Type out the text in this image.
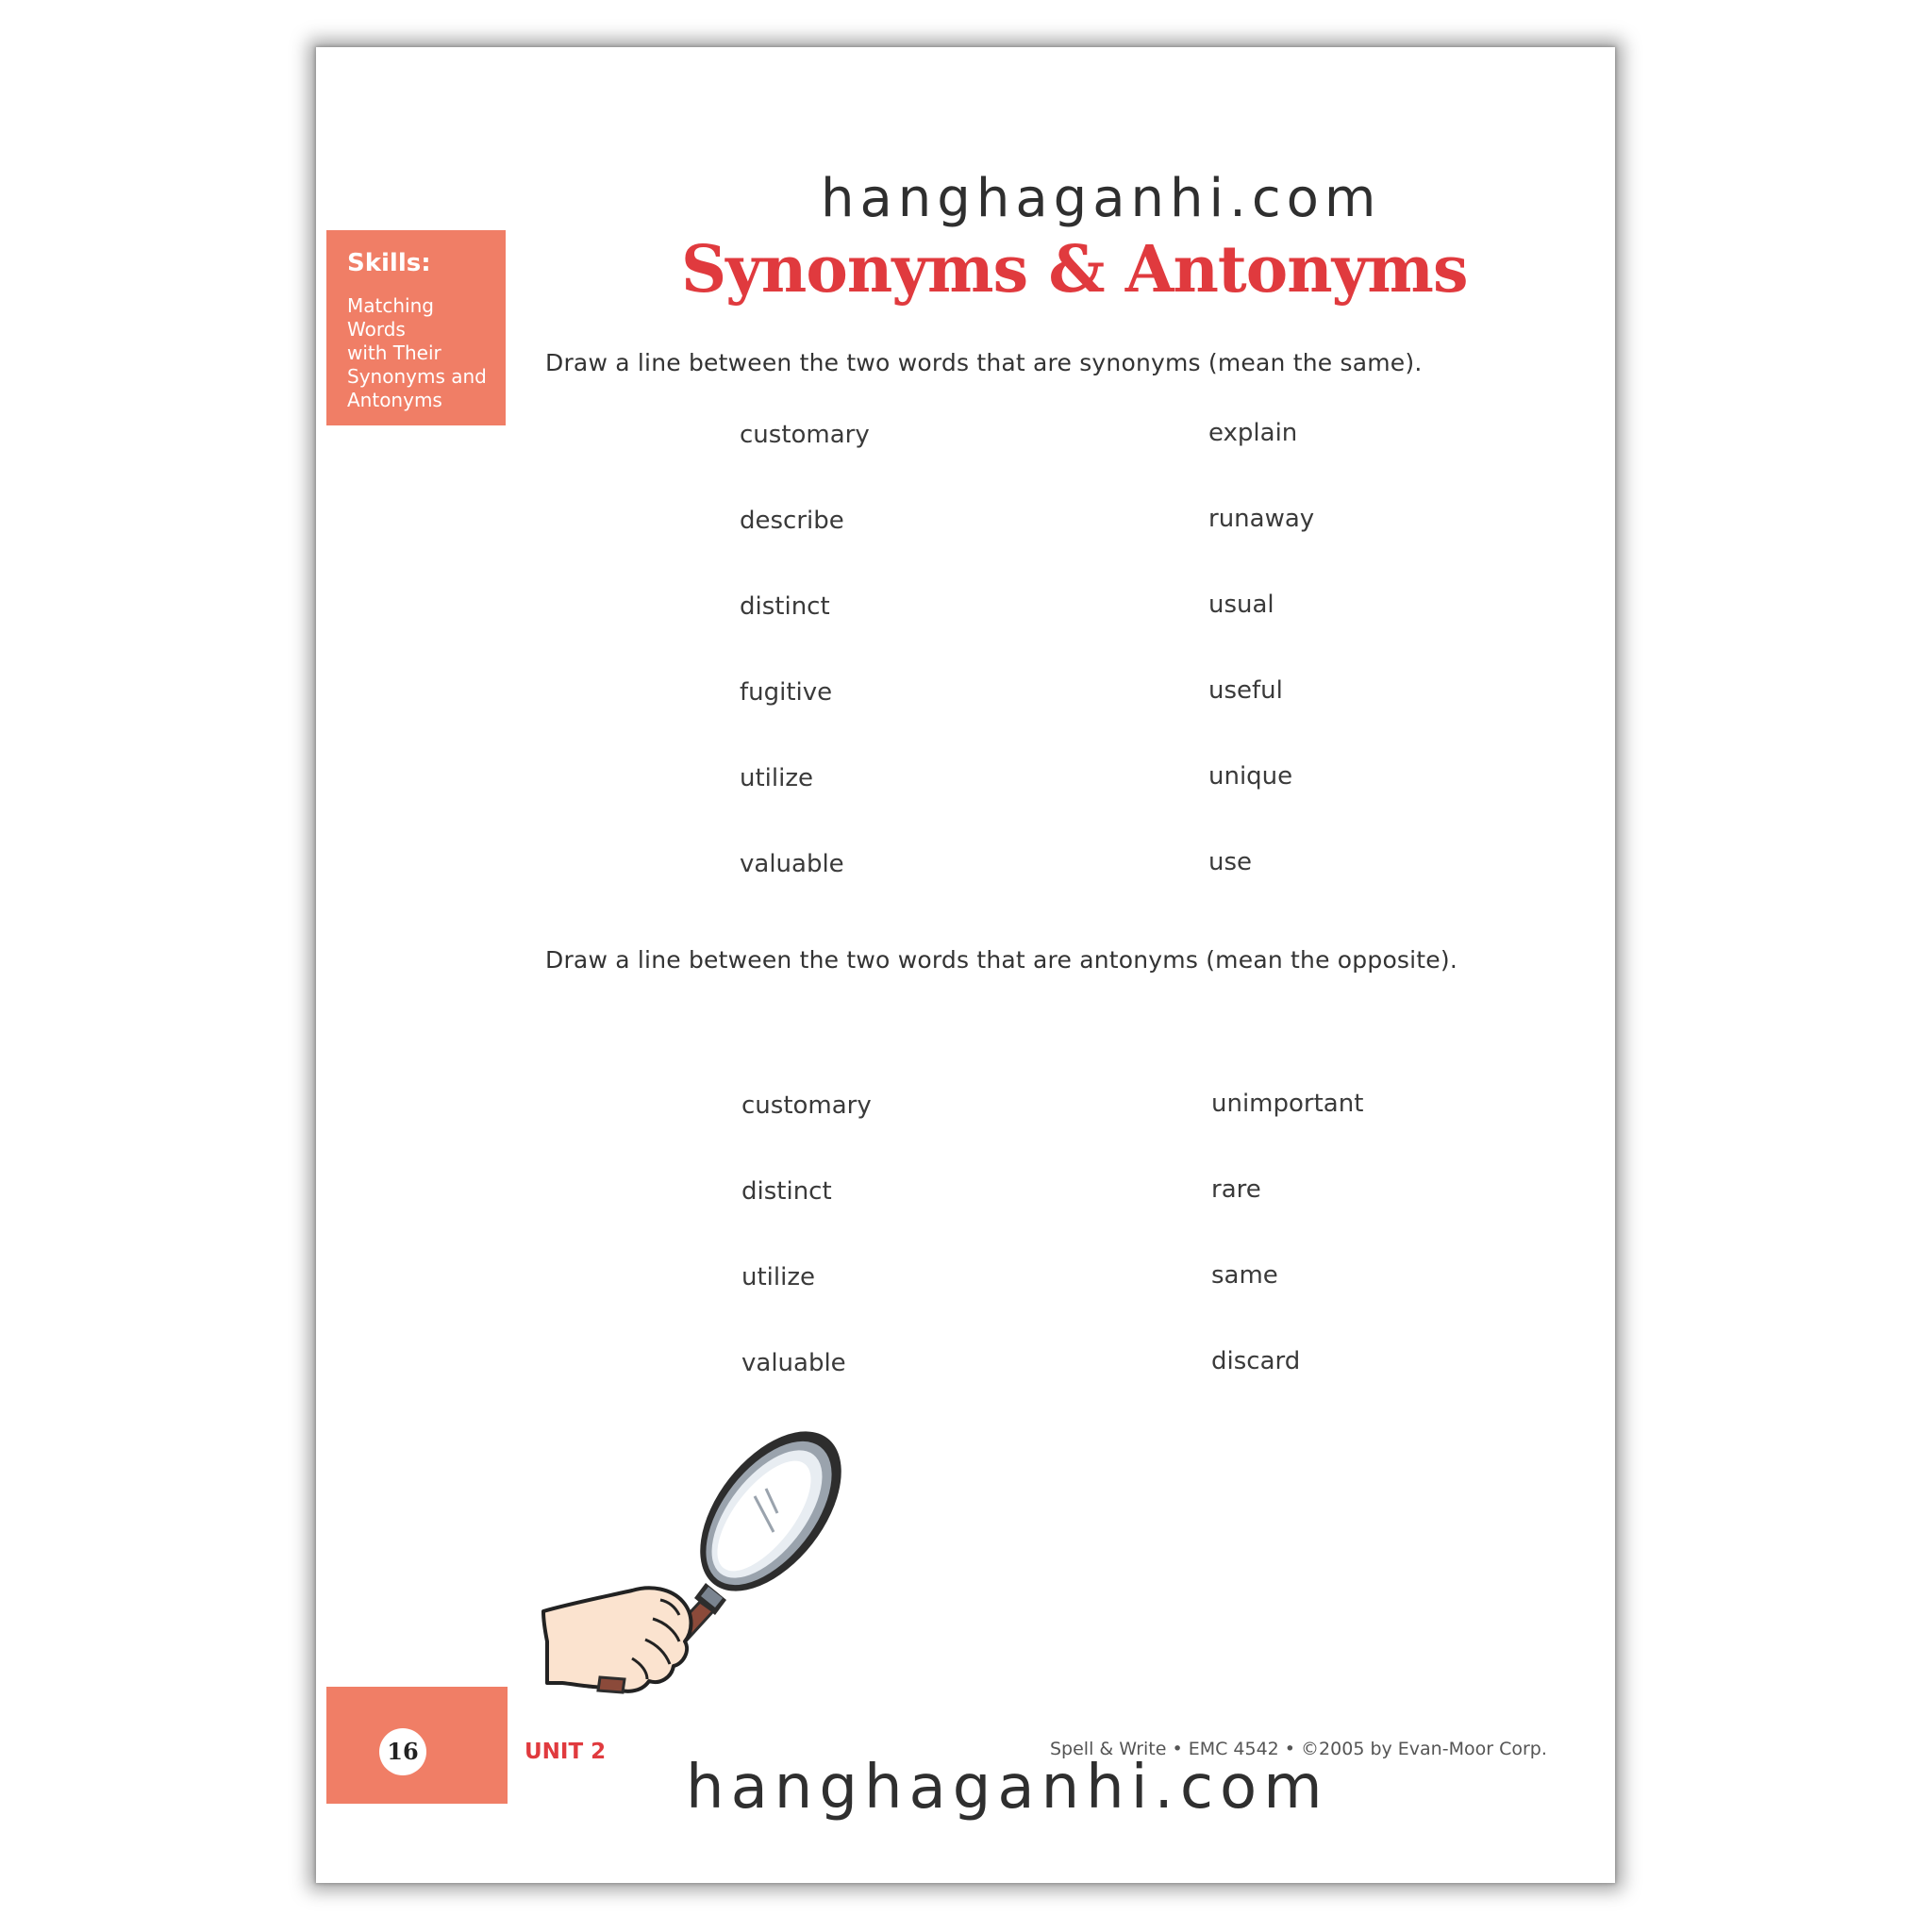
hanghaganhi.com
Skills:
Matching
Words
with Their
Synonyms and
Antonyms
Synonyms & Antonyms
Draw a line between the two words that are synonyms (mean the same).
customary
describe
distinct
fugitive
utilize
valuable
explain
runaway
usual
useful
unique
use
Draw a line between the two words that are antonyms (mean the opposite).
customary
distinct
utilize
valuable
unimportant
rare
same
discard
16	UNIT 2	Spell & Write • EMC 4542 • ©2005 by Evan-Moor Corp.
hanghaganhi.com
